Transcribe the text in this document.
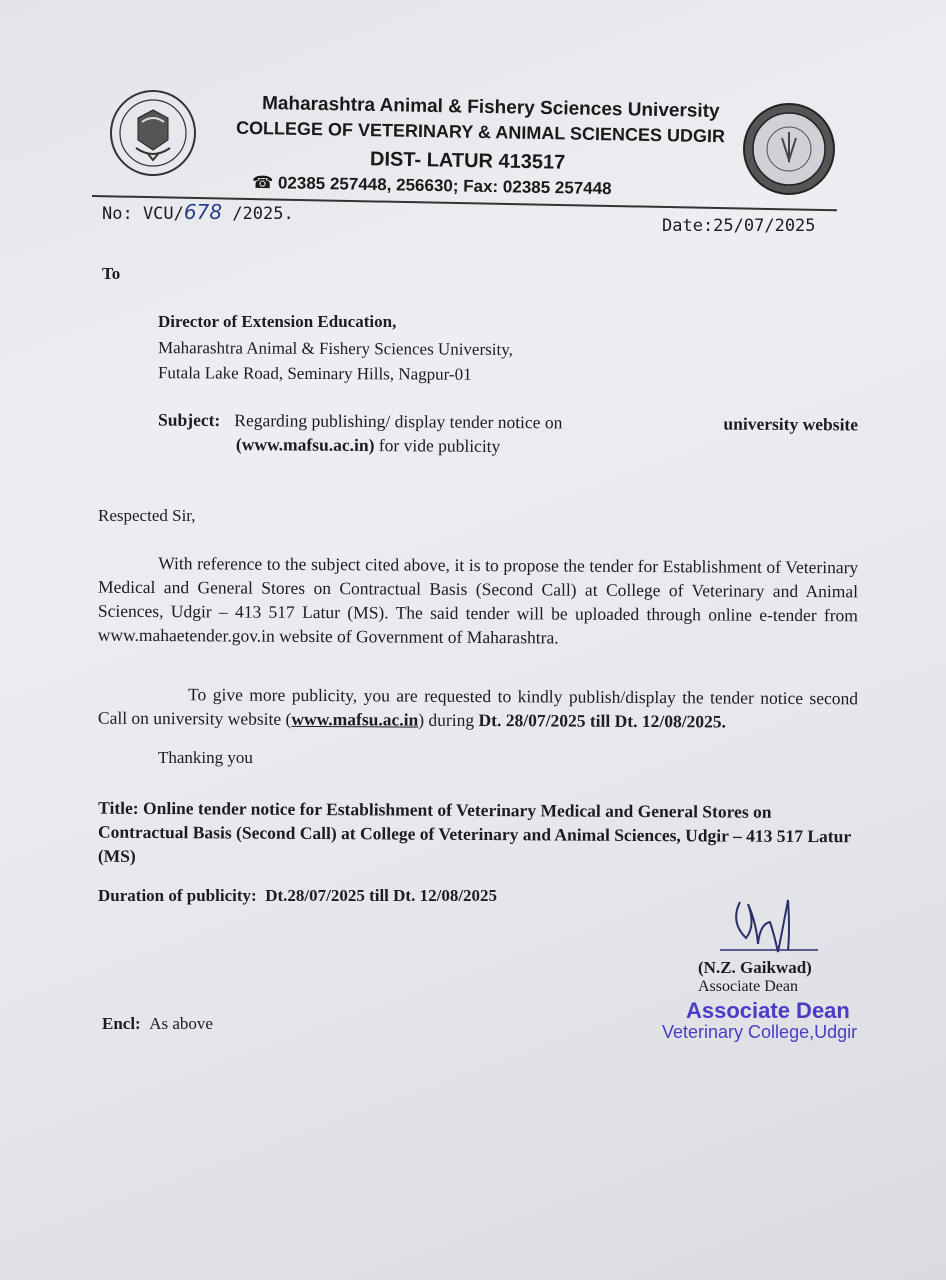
Maharashtra Animal & Fishery Sciences University
COLLEGE OF VETERINARY & ANIMAL SCIENCES UDGIR
DIST- LATUR 413517
☎ 02385 257448, 256630; Fax: 02385 257448
No: VCU/678 /2025.
Date:25/07/2025
To
Director of Extension Education,
Maharashtra Animal & Fishery Sciences University,
Futala Lake Road, Seminary Hills, Nagpur-01
Subject: Regarding publishing/ display tender notice on	university website
(www.mafsu.ac.in) for vide publicity
Respected Sir,
With reference to the subject cited above, it is to propose the tender for Establishment of Veterinary Medical and General Stores on Contractual Basis (Second Call) at College of Veterinary and Animal Sciences, Udgir – 413 517 Latur (MS). The said tender will be uploaded through online e-tender from www.mahaetender.gov.in website of Government of Maharashtra.
To give more publicity, you are requested to kindly publish/display the tender notice second Call on university website (www.mafsu.ac.in) during Dt. 28/07/2025 till Dt. 12/08/2025.
Thanking you
Title: Online tender notice for Establishment of Veterinary Medical and General Stores on Contractual Basis (Second Call) at College of Veterinary and Animal Sciences, Udgir – 413 517 Latur (MS)
Duration of publicity: Dt.28/07/2025 till Dt. 12/08/2025
(N.Z. Gaikwad)
Associate Dean
Associate Dean
Veterinary College,Udgir
Encl: As above
